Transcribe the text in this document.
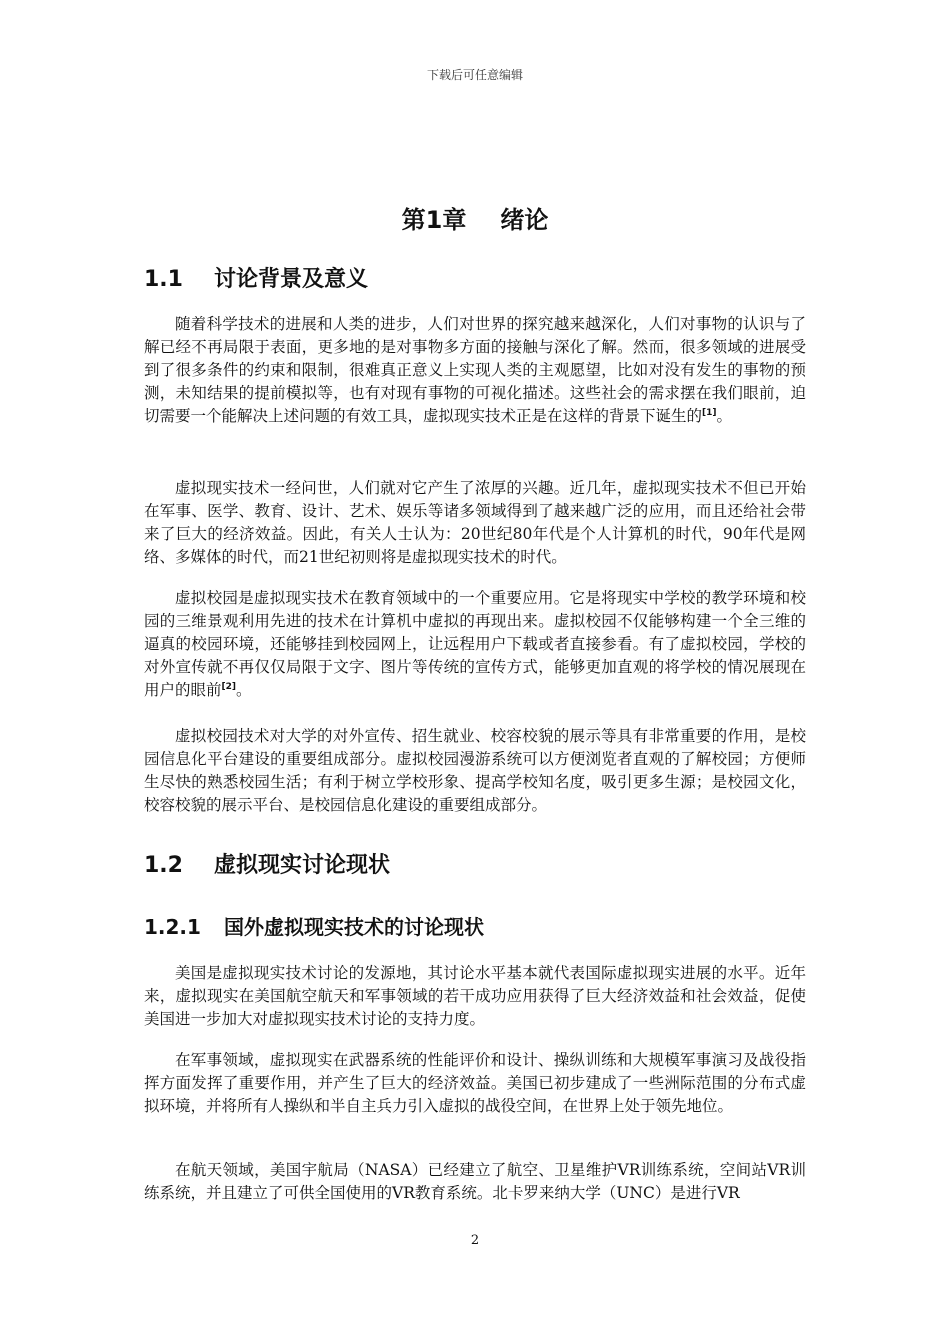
下载后可任意编辑
第1章 绪论
1.1 讨论背景及意义

随着科学技术的进展和人类的进步，人们对世界的探究越来越深化，人们对事物的认识与了解已经不再局限于表面，更多地的是对事物多方面的接触与深化了解。然而，很多领域的进展受到了很多条件的约束和限制，很难真正意义上实现人类的主观愿望，比如对没有发生的事物的预测，未知结果的提前模拟等，也有对现有事物的可视化描述。这些社会的需求摆在我们眼前，迫切需要一个能解决上述问题的有效工具，虚拟现实技术正是在这样的背景下诞生的[1]。

虚拟现实技术一经问世，人们就对它产生了浓厚的兴趣。近几年，虚拟现实技术不但已开始在军事、医学、教育、设计、艺术、娱乐等诸多领域得到了越来越广泛的应用，而且还给社会带来了巨大的经济效益。因此，有关人士认为：20世纪80年代是个人计算机的时代，90年代是网络、多媒体的时代，而21世纪初则将是虚拟现实技术的时代。

虚拟校园是虚拟现实技术在教育领域中的一个重要应用。它是将现实中学校的教学环境和校园的三维景观利用先进的技术在计算机中虚拟的再现出来。虚拟校园不仅能够构建一个全三维的逼真的校园环境，还能够挂到校园网上，让远程用户下载或者直接参看。有了虚拟校园，学校的对外宣传就不再仅仅局限于文字、图片等传统的宣传方式，能够更加直观的将学校的情况展现在用户的眼前[2]。

虚拟校园技术对大学的对外宣传、招生就业、校容校貌的展示等具有非常重要的作用，是校园信息化平台建设的重要组成部分。虚拟校园漫游系统可以方便浏览者直观的了解校园；方便师生尽快的熟悉校园生活；有利于树立学校形象、提高学校知名度，吸引更多生源；是校园文化，校容校貌的展示平台、是校园信息化建设的重要组成部分。

1.2 虚拟现实讨论现状
1.2.1 国外虚拟现实技术的讨论现状

美国是虚拟现实技术讨论的发源地，其讨论水平基本就代表国际虚拟现实进展的水平。近年来，虚拟现实在美国航空航天和军事领域的若干成功应用获得了巨大经济效益和社会效益，促使美国进一步加大对虚拟现实技术讨论的支持力度。

在军事领域，虚拟现实在武器系统的性能评价和设计、操纵训练和大规模军事演习及战役指挥方面发挥了重要作用，并产生了巨大的经济效益。美国已初步建成了一些洲际范围的分布式虚拟环境，并将所有人操纵和半自主兵力引入虚拟的战役空间，在世界上处于领先地位。

在航天领域，美国宇航局（NASA）已经建立了航空、卫星维护VR训练系统，空间站VR训练系统，并且建立了可供全国使用的VR教育系统。北卡罗来纳大学（UNC）是进行VR

2
